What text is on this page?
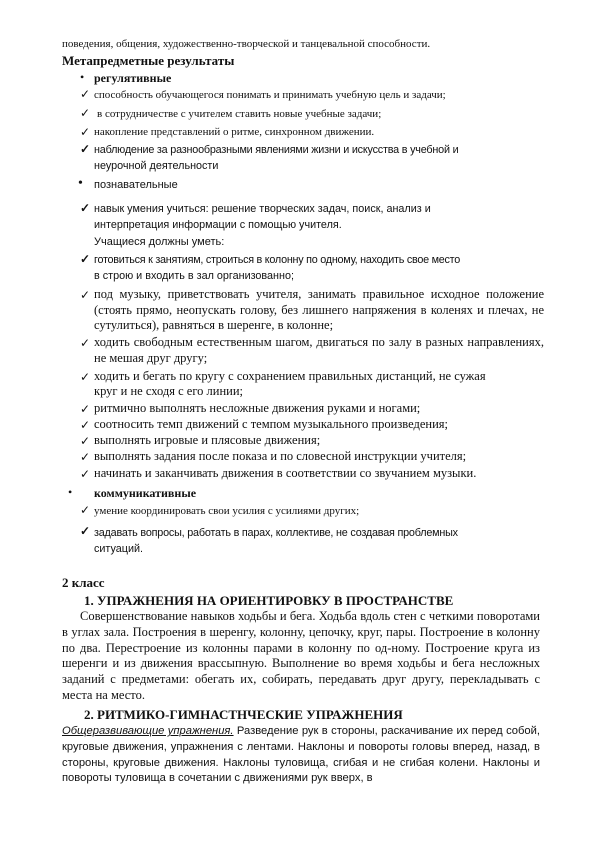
поведения, общения, художественно-творческой и танцевальной способности.
Метапредметные результаты
• регулятивные
✓ способность обучающегося понимать и принимать учебную цель и задачи;
✓ в сотрудничестве с учителем ставить новые учебные задачи;
✓ накопление представлений о ритме, синхронном движении.
✓ наблюдение за разнообразными явлениями жизни и искусства в учебной и
неурочной деятельности
• познавательные
✓ навык умения учиться: решение творческих задач, поиск, анализ и
интерпретация информации с помощью учителя.
Учащиеся должны уметь:
✓ готовиться к занятиям, строиться в колонну по одному, находить свое место
в строю и входить в зал организованно;
✓ под музыку, приветствовать учителя, занимать правильное исходное положение (стоять прямо, неопускать голову, без лишнего напряжения в коленях и плечах, не сутулиться), равняться в шеренге, в колонне;
✓ ходить свободным естественным шагом, двигаться по залу в разных направлениях, не мешая друг другу;
✓ ходить и бегать по кругу с сохранением правильных дистанций, не сужая
круг и не сходя с его линии;
✓ ритмично выполнять несложные движения руками и ногами;
✓ соотносить темп движений с темпом музыкального произведения;
✓ выполнять игровые и плясовые движения;
✓ выполнять задания после показа и по словесной инструкции учителя;
✓ начинать и заканчивать движения в соответствии со звучанием музыки.
• коммуникативные
✓ умение координировать свои усилия с усилиями других;
✓ задавать вопросы, работать в парах, коллективе, не создавая проблемных
ситуаций.
2 класс
1. УПРАЖНЕНИЯ НА ОРИЕНТИРОВКУ В ПРОСТРАНСТВЕ
Совершенствование навыков ходьбы и бега. Ходьба вдоль стен с четкими поворотами в углах зала. Построения в шеренгу, колонну, цепочку, круг, пары. Построение в колонну по два. Перестроение из колонны парами в колонну по од-ному. Построение круга из шеренги и из движения врассыпную. Выполнение во время ходьбы и бега несложных заданий с предметами: обегать их, собирать, передавать друг другу, перекладывать с места на место.
2. РИТМИКО-ГИМНАСТНЧЕСКИЕ УПРАЖНЕНИЯ
Общеразвивающие упражнения. Разведение рук в стороны, раскачивание их перед собой, круговые движения, упражнения с лентами. Наклоны и повороты головы вперед, назад, в стороны, круговые движения. Наклоны туловища, сгибая и не сгибая колени. Наклоны и повороты туловища в сочетании с движениями рук вверх, в
